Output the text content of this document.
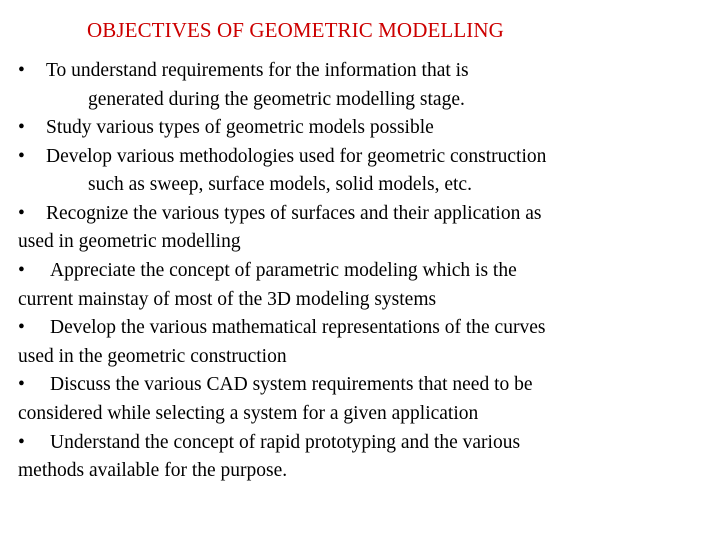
OBJECTIVES OF GEOMETRIC MODELLING
• To understand requirements for the information that is
generated during the geometric modelling stage.
• Study various types of geometric models possible
• Develop various methodologies used for geometric construction
such as sweep, surface models, solid models, etc.
• Recognize the various types of surfaces and their application as
used in geometric modelling
• Appreciate the concept of parametric modeling which is the
current mainstay of most of the 3D modeling systems
• Develop the various mathematical representations of the curves
used in the geometric construction
• Discuss the various CAD system requirements that need to be
considered while selecting a system for a given application
• Understand the concept of rapid prototyping and the various
methods available for the purpose.
